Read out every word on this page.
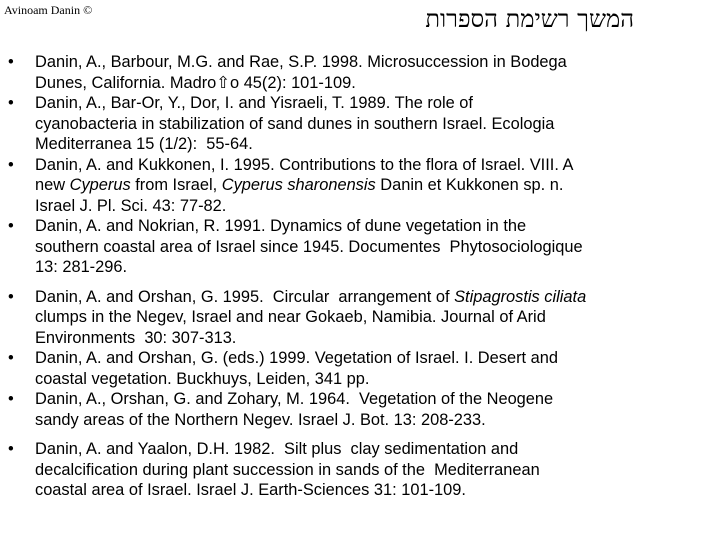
Avinoam Danin ©	המשך רשימת הספרות
• Danin, A., Barbour, M.G. and Rae, S.P. 1998. Microsuccession in Bodega
Dunes, California. Madro⇧o 45(2): 101-109.
• Danin, A., Bar‐Or, Y., Dor, I. and Yisraeli, T. 1989. The role of
cyanobacteria in stabilization of sand dunes in southern Israel. Ecologia
Mediterranea 15 (1/2):  55‐64.
• Danin, A. and Kukkonen, I. 1995. Contributions to the flora of Israel. VIII. A
new Cyperus from Israel, Cyperus sharonensis Danin et Kukkonen sp. n.
Israel J. Pl. Sci. 43: 77-82.
• Danin, A. and Nokrian, R. 1991. Dynamics of dune vegetation in the
southern coastal area of Israel since 1945. Documentes  Phytosociologique
13: 281‐296.
• Danin, A. and Orshan, G. 1995.  Circular  arrangement of Stipagrostis ciliata
clumps in the Negev, Israel and near Gokaeb, Namibia. Journal of Arid
Environments  30: 307-313.
• Danin, A. and Orshan, G. (eds.) 1999. Vegetation of Israel. I. Desert and
coastal vegetation. Buckhuys, Leiden, 341 pp.
• Danin, A., Orshan, G. and Zohary, M. 1964.  Vegetation of the Neogene
sandy areas of the Northern Negev. Israel J. Bot. 13: 208‐233.
• Danin, A. and Yaalon, D.H. 1982.  Silt plus  clay sedimentation and
decalcification during plant succession in sands of the  Mediterranean
coastal area of Israel. Israel J. Earth‐Sciences 31: 101‐109.
